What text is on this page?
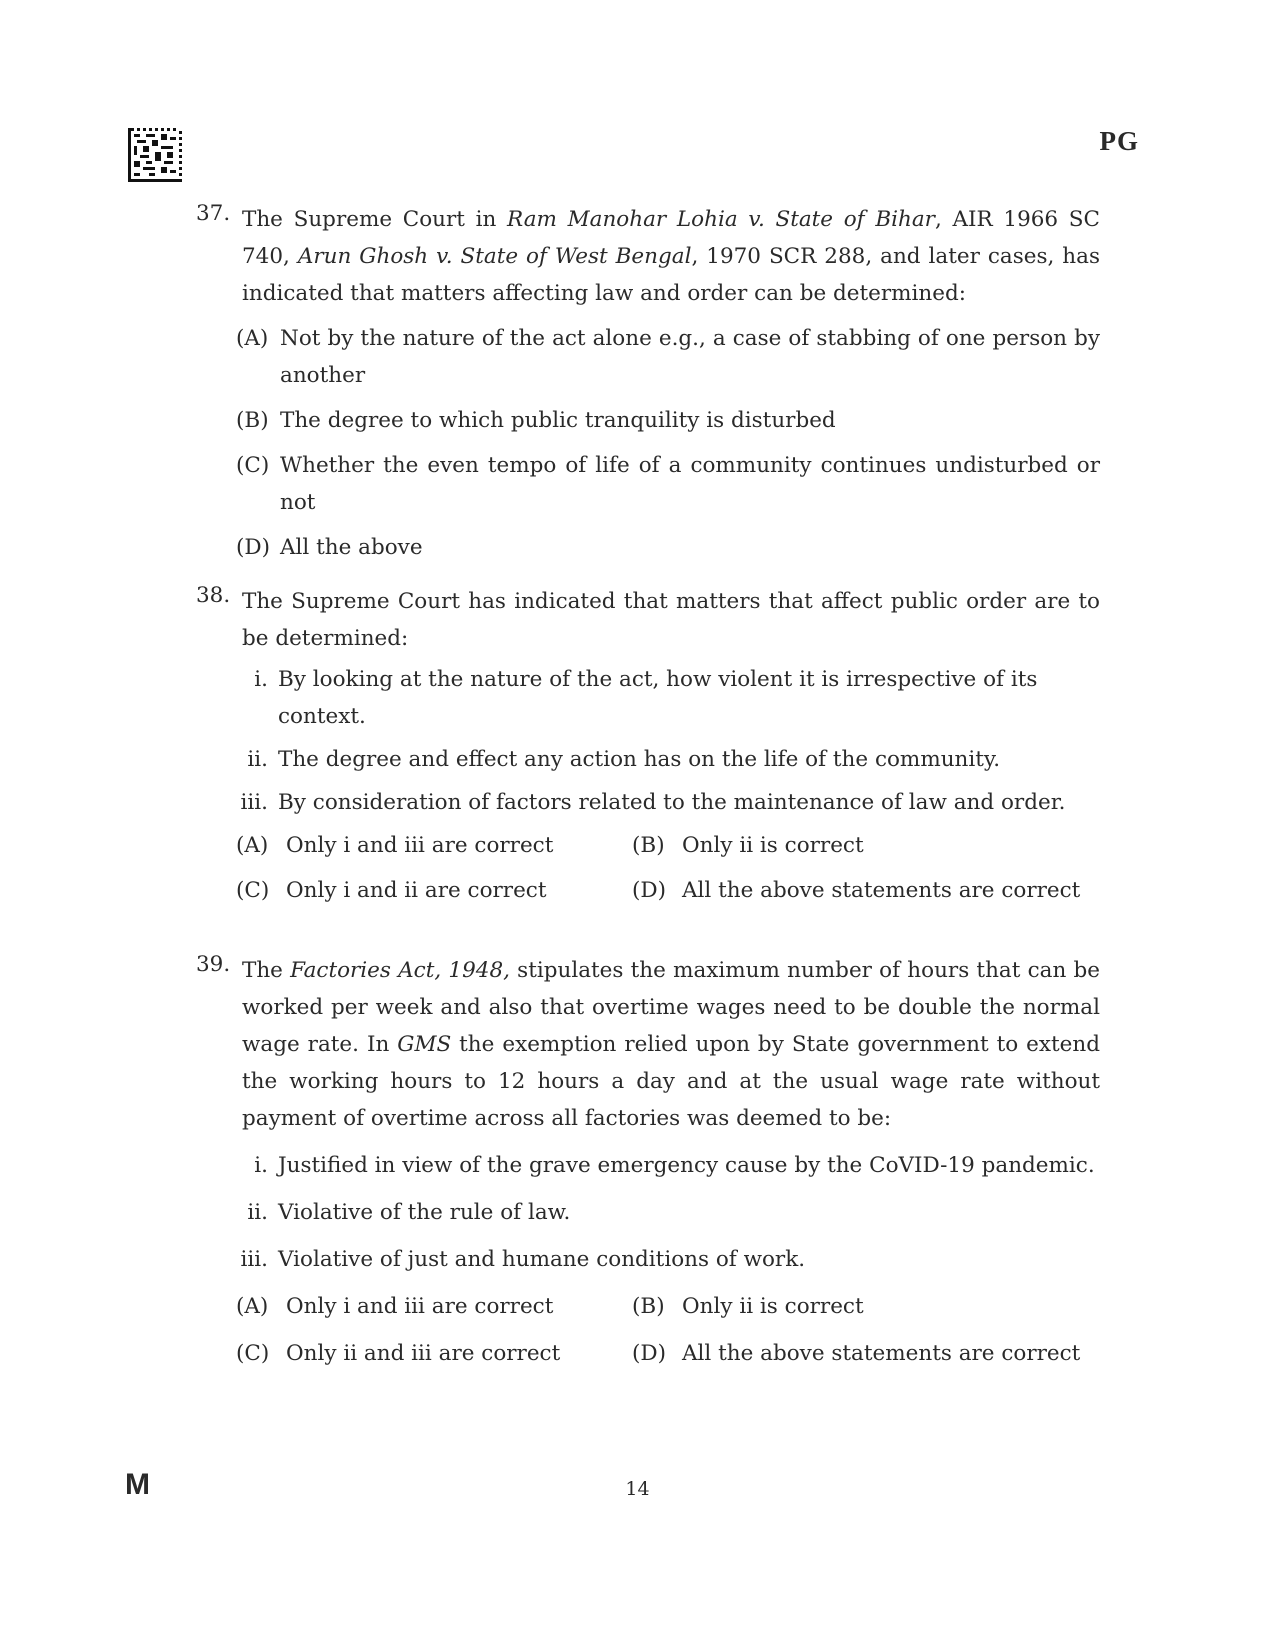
PG
37. The Supreme Court in Ram Manohar Lohia v. State of Bihar, AIR 1966 SC 740, Arun Ghosh v. State of West Bengal, 1970 SCR 288, and later cases, has indicated that matters affecting law and order can be determined:
(A) Not by the nature of the act alone e.g., a case of stabbing of one person by another
(B) The degree to which public tranquility is disturbed
(C) Whether the even tempo of life of a community continues undisturbed or not
(D) All the above
38. The Supreme Court has indicated that matters that affect public order are to be determined:
i. By looking at the nature of the act, how violent it is irrespective of its context.
ii. The degree and effect any action has on the life of the community.
iii. By consideration of factors related to the maintenance of law and order.
(A) Only i and iii are correct	(B) Only ii is correct
(C) Only i and ii are correct	(D) All the above statements are correct
39. The Factories Act, 1948, stipulates the maximum number of hours that can be worked per week and also that overtime wages need to be double the normal wage rate. In GMS the exemption relied upon by State government to extend the working hours to 12 hours a day and at the usual wage rate without payment of overtime across all factories was deemed to be:
i. Justified in view of the grave emergency cause by the CoVID-19 pandemic.
ii. Violative of the rule of law.
iii. Violative of just and humane conditions of work.
(A) Only i and iii are correct	(B) Only ii is correct
(C) Only ii and iii are correct	(D) All the above statements are correct
M	14
